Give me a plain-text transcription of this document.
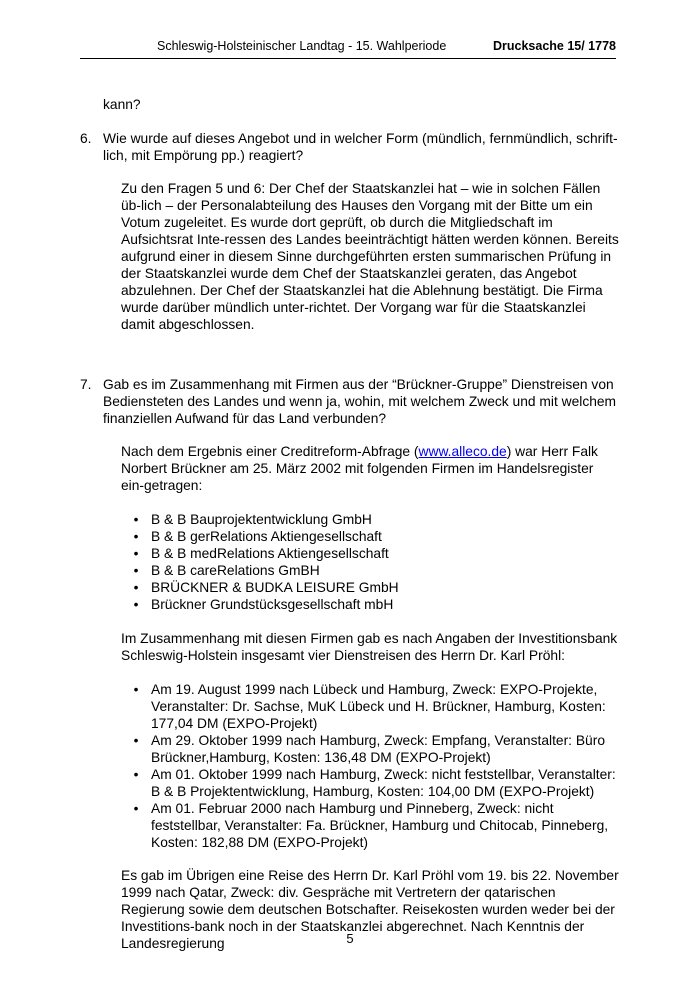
Schleswig-Holsteinischer Landtag - 15. Wahlperiode	Drucksache 15/ 1778

kann?

6. Wie wurde auf dieses Angebot und in welcher Form (mündlich, fernmündlich, schrift-lich, mit Empörung pp.) reagiert?

Zu den Fragen 5 und 6: Der Chef der Staatskanzlei hat – wie in solchen Fällen üb-lich – der Personalabteilung des Hauses den Vorgang mit der Bitte um ein Votum zugeleitet. Es wurde dort geprüft, ob durch die Mitgliedschaft im Aufsichtsrat Inte-ressen des Landes beeinträchtigt hätten werden können. Bereits aufgrund einer in diesem Sinne durchgeführten ersten summarischen Prüfung in der Staatskanzlei wurde dem Chef der Staatskanzlei geraten, das Angebot abzulehnen. Der Chef der Staatskanzlei hat die Ablehnung bestätigt. Die Firma wurde darüber mündlich unter-richtet. Der Vorgang war für die Staatskanzlei damit abgeschlossen.

7. Gab es im Zusammenhang mit Firmen aus der “Brückner-Gruppe” Dienstreisen von Bediensteten des Landes und wenn ja, wohin, mit welchem Zweck und mit welchem finanziellen Aufwand für das Land verbunden?

Nach dem Ergebnis einer Creditreform-Abfrage (www.alleco.de) war Herr Falk Norbert Brückner am 25. März 2002 mit folgenden Firmen im Handelsregister ein-getragen:

• B & B Bauprojektentwicklung GmbH
• B & B gerRelations Aktiengesellschaft
• B & B medRelations Aktiengesellschaft
• B & B careRelations GmBH
• BRÜCKNER & BUDKA LEISURE GmbH
• Brückner Grundstücksgesellschaft mbH

Im Zusammenhang mit diesen Firmen gab es nach Angaben der Investitionsbank Schleswig-Holstein insgesamt vier Dienstreisen des Herrn Dr. Karl Pröhl:

• Am 19. August 1999 nach Lübeck und Hamburg, Zweck: EXPO-Projekte, Veranstalter: Dr. Sachse, MuK Lübeck und H. Brückner, Hamburg, Kosten: 177,04 DM (EXPO-Projekt)
• Am 29. Oktober 1999 nach Hamburg, Zweck: Empfang, Veranstalter: Büro Brückner,Hamburg, Kosten: 136,48 DM (EXPO-Projekt)
• Am 01. Oktober 1999 nach Hamburg, Zweck: nicht feststellbar, Veranstalter: B & B Projektentwicklung, Hamburg, Kosten: 104,00 DM (EXPO-Projekt)
• Am 01. Februar 2000 nach Hamburg und Pinneberg, Zweck: nicht feststellbar, Veranstalter: Fa. Brückner, Hamburg und Chitocab, Pinneberg, Kosten: 182,88 DM (EXPO-Projekt)

Es gab im Übrigen eine Reise des Herrn Dr. Karl Pröhl vom 19. bis 22. November 1999 nach Qatar, Zweck: div. Gespräche mit Vertretern der qatarischen Regierung sowie dem deutschen Botschafter. Reisekosten wurden weder bei der Investitions-bank noch in der Staatskanzlei abgerechnet. Nach Kenntnis der Landesregierung	5
